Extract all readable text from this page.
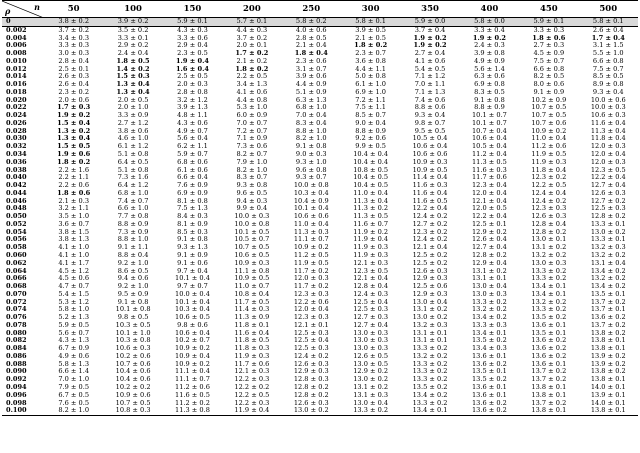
n
ρ	50	100	150	200	250	300	350	400	450	500
0	3.8 ± 0.2	3.9 ± 0.2	5.9 ± 0.1	5.7 ± 0.1	5.8 ± 0.2	5.8 ± 0.1	5.9 ± 0.0	5.8 ± 0.0	5.9 ± 0.1	5.8 ± 0.1
0.002	3.7 ± 0.2	3.5 ± 0.2	4.3 ± 0.3	4.4 ± 0.3	4.0 ± 0.6	3.9 ± 0.5	3.7 ± 0.4	3.3 ± 0.4	3.3 ± 0.3	2.6 ± 0.4
0.004	3.4 ± 0.3	3.3 ± 0.1	3.3 ± 0.6	3.7 ± 0.2	2.8 ± 0.5	2.1 ± 0.5	1.9 ± 0.2	1.9 ± 0.2	1.8 ± 0.6	1.7 ± 0.4
0.006	3.3 ± 0.3	2.9 ± 0.2	2.9 ± 0.4	2.0 ± 0.1	2.1 ± 0.4	1.8 ± 0.2	1.9 ± 0.2	2.4 ± 0.3	2.7 ± 0.3	3.1 ± 1.5
0.008	3.0 ± 0.3	2.4 ± 0.4	2.3 ± 0.5	1.7 ± 0.2	1.8 ± 0.4	2.3 ± 0.7	2.7 ± 0.4	3.9 ± 0.8	4.5 ± 0.9	5.5 ± 1.0
0.010	2.8 ± 0.4	1.8 ± 0.5	1.9 ± 0.4	2.1 ± 0.2	2.3 ± 0.6	3.6 ± 0.8	4.1 ± 0.6	4.9 ± 0.9	7.5 ± 0.7	6.6 ± 0.8
0.012	2.5 ± 0.1	1.4 ± 0.2	1.6 ± 0.4	1.8 ± 0.2	3.1 ± 0.7	4.4 ± 1.1	5.4 ± 0.5	5.6 ± 1.4	6.6 ± 0.8	7.5 ± 0.7
0.014	2.6 ± 0.3	1.5 ± 0.3	2.5 ± 0.5	2.2 ± 0.5	3.9 ± 0.6	5.0 ± 0.8	7.1 ± 1.2	6.3 ± 0.6	8.2 ± 0.5	8.5 ± 0.5
0.016	2.6 ± 0.4	1.3 ± 0.4	2.0 ± 0.3	3.4 ± 1.3	4.4 ± 0.9	6.1 ± 1.0	7.0 ± 1.1	6.9 ± 0.8	8.0 ± 0.6	8.9 ± 0.8
0.018	2.3 ± 0.2	1.3 ± 0.4	2.8 ± 0.8	4.1 ± 0.6	5.1 ± 0.9	6.9 ± 1.0	7.1 ± 1.3	8.3 ± 0.5	9.1 ± 0.9	9.3 ± 0.4
0.020	2.0 ± 0.6	2.0 ± 0.5	3.2 ± 1.2	4.4 ± 0.8	6.3 ± 1.3	7.2 ± 1.1	7.4 ± 0.6	9.1 ± 0.8	10.2 ± 0.9	10.0 ± 0.6
0.022	1.7 ± 0.3	2.0 ± 1.0	3.9 ± 1.3	5.3 ± 1.0	6.8 ± 1.0	7.5 ± 1.1	8.8 ± 0.6	8.8 ± 0.9	10.7 ± 0.5	10.0 ± 0.3
0.024	1.9 ± 0.2	3.3 ± 0.9	4.8 ± 1.1	6.0 ± 0.9	7.0 ± 0.4	8.5 ± 0.7	9.3 ± 0.4	10.1 ± 0.7	10.7 ± 0.5	10.6 ± 0.3
0.026	1.5 ± 0.4	2.7 ± 1.2	4.3 ± 0.6	7.0 ± 0.7	8.3 ± 0.4	9.0 ± 0.4	9.8 ± 0.7	10.1 ± 0.7	10.7 ± 0.6	11.6 ± 0.4
0.028	1.3 ± 0.2	3.8 ± 0.6	4.9 ± 0.7	7.2 ± 0.7	8.8 ± 1.0	8.8 ± 0.9	9.5 ± 0.5	10.7 ± 0.4	10.9 ± 0.2	11.3 ± 0.4
0.030	1.3 ± 0.4	4.6 ± 1.0	5.6 ± 0.4	7.1 ± 0.9	8.2 ± 1.0	9.2 ± 0.6	10.5 ± 0.4	10.6 ± 0.4	11.0 ± 0.4	11.8 ± 0.4
0.032	1.5 ± 0.5	6.1 ± 1.2	6.2 ± 1.1	7.3 ± 0.6	9.1 ± 0.8	9.9 ± 0.5	10.6 ± 0.4	10.5 ± 0.4	11.2 ± 0.6	12.0 ± 0.3
0.034	1.9 ± 0.6	5.1 ± 0.8	5.9 ± 0.7	8.2 ± 0.7	9.0 ± 0.3	10.4 ± 0.4	10.6 ± 0.6	11.2 ± 0.4	11.9 ± 0.5	12.0 ± 0.4
0.036	1.8 ± 0.2	6.4 ± 0.5	6.8 ± 0.6	7.9 ± 1.0	9.3 ± 1.0	10.4 ± 0.4	10.9 ± 0.3	11.3 ± 0.5	11.9 ± 0.3	12.0 ± 0.3
0.038	2.2 ± 1.6	5.1 ± 0.8	6.1 ± 0.6	8.2 ± 1.0	9.6 ± 0.8	10.8 ± 0.5	10.9 ± 0.5	11.6 ± 0.3	11.8 ± 0.4	12.3 ± 0.5
0.040	2.2 ± 1.1	7.3 ± 1.6	6.6 ± 0.4	8.3 ± 0.7	9.3 ± 0.7	10.4 ± 0.5	11.4 ± 0.4	11.7 ± 0.6	12.3 ± 0.2	12.2 ± 0.4
0.042	2.2 ± 0.6	6.4 ± 1.2	7.6 ± 0.9	9.3 ± 0.8	10.0 ± 0.8	10.4 ± 0.5	11.6 ± 0.3	12.3 ± 0.4	12.2 ± 0.5	12.7 ± 0.4
0.044	1.8 ± 0.6	6.8 ± 1.0	6.9 ± 0.9	9.6 ± 0.5	10.3 ± 0.4	11.0 ± 0.4	11.6 ± 0.4	12.0 ± 0.4	12.4 ± 0.4	12.6 ± 0.3
0.046	2.1 ± 0.3	7.4 ± 0.7	8.1 ± 0.8	9.4 ± 0.3	10.4 ± 0.9	11.3 ± 0.4	11.6 ± 0.5	12.1 ± 0.4	12.4 ± 0.2	12.7 ± 0.2
0.048	3.2 ± 1.1	6.6 ± 1.0	7.5 ± 1.3	9.9 ± 0.4	10.1 ± 0.4	11.3 ± 0.2	12.2 ± 0.4	12.0 ± 0.5	12.3 ± 0.3	12.5 ± 0.3
0.050	3.5 ± 1.0	7.7 ± 0.8	8.4 ± 0.3	10.0 ± 0.3	10.6 ± 0.6	11.3 ± 0.5	12.4 ± 0.2	12.2 ± 0.4	12.6 ± 0.3	12.8 ± 0.2
0.052	3.6 ± 0.7	8.8 ± 0.9	8.1 ± 0.9	10.0 ± 0.8	11.0 ± 0.4	11.6 ± 0.7	12.7 ± 0.2	12.5 ± 0.1	12.8 ± 0.4	13.3 ± 0.1
0.054	3.8 ± 1.5	7.3 ± 0.9	8.5 ± 0.3	10.1 ± 0.5	11.3 ± 0.3	11.9 ± 0.2	12.3 ± 0.2	12.9 ± 0.2	12.8 ± 0.2	13.0 ± 0.2
0.056	3.8 ± 1.3	8.8 ± 1.0	9.1 ± 0.8	10.5 ± 0.7	11.1 ± 0.7	11.9 ± 0.4	12.4 ± 0.2	12.6 ± 0.4	13.0 ± 0.1	13.3 ± 0.1
0.058	4.1 ± 1.0	9.1 ± 1.1	9.3 ± 1.3	10.7 ± 0.5	10.9 ± 0.2	11.9 ± 0.3	12.1 ± 0.4	12.7 ± 0.4	13.1 ± 0.2	13.2 ± 0.3
0.060	4.1 ± 1.0	8.8 ± 0.4	9.1 ± 0.9	10.6 ± 0.5	11.2 ± 0.5	11.9 ± 0.3	12.5 ± 0.2	12.8 ± 0.2	13.2 ± 0.2	13.2 ± 0.2
0.062	4.1 ± 1.7	9.2 ± 1.0	9.1 ± 0.6	10.9 ± 0.3	11.9 ± 0.5	12.1 ± 0.3	12.5 ± 0.2	12.9 ± 0.4	13.0 ± 0.3	13.1 ± 0.4
0.064	4.5 ± 1.2	8.6 ± 0.5	9.7 ± 0.4	11.1 ± 0.8	11.7 ± 0.2	12.3 ± 0.5	12.6 ± 0.3	13.1 ± 0.2	13.3 ± 0.2	13.4 ± 0.2
0.066	4.5 ± 0.6	9.4 ± 0.6	10.1 ± 0.4	10.9 ± 0.5	12.0 ± 0.3	12.1 ± 0.4	12.9 ± 0.3	13.1 ± 0.1	13.3 ± 0.2	13.2 ± 0.2
0.068	4.7 ± 0.7	9.2 ± 1.0	9.7 ± 0.7	11.0 ± 0.7	11.7 ± 0.2	12.8 ± 0.4	12.5 ± 0.6	13.0 ± 0.4	13.4 ± 0.1	13.4 ± 0.2
0.070	5.4 ± 1.5	9.5 ± 0.9	10.0 ± 0.4	10.8 ± 0.4	12.3 ± 0.3	12.4 ± 0.3	12.9 ± 0.3	13.0 ± 0.3	13.4 ± 0.1	13.5 ± 0.1
0.072	5.3 ± 1.2	9.1 ± 0.8	10.1 ± 0.4	11.7 ± 0.5	12.2 ± 0.6	12.5 ± 0.4	13.0 ± 0.4	13.3 ± 0.2	13.2 ± 0.2	13.7 ± 0.2
0.074	5.8 ± 1.0	10.1 ± 0.8	10.3 ± 0.4	11.4 ± 0.3	12.0 ± 0.4	12.5 ± 0.3	13.1 ± 0.2	13.2 ± 0.2	13.3 ± 0.2	13.7 ± 0.1
0.076	5.2 ± 1.3	9.8 ± 0.5	10.6 ± 0.5	11.3 ± 0.9	12.3 ± 0.3	12.7 ± 0.3	13.0 ± 0.2	13.4 ± 0.2	13.5 ± 0.2	13.6 ± 0.2
0.078	5.9 ± 0.5	10.3 ± 0.5	9.8 ± 0.6	11.8 ± 0.1	12.1 ± 0.1	12.7 ± 0.4	13.2 ± 0.3	13.3 ± 0.3	13.6 ± 0.1	13.7 ± 0.2
0.080	5.6 ± 0.7	10.1 ± 1.0	10.6 ± 0.4	11.6 ± 0.4	12.5 ± 0.3	13.0 ± 0.3	13.1 ± 0.1	13.4 ± 0.1	13.5 ± 0.1	13.8 ± 0.2
0.082	4.3 ± 1.3	10.3 ± 0.8	10.2 ± 0.7	11.8 ± 0.5	12.5 ± 0.4	13.0 ± 0.3	13.1 ± 0.1	13.5 ± 0.2	13.6 ± 0.2	13.8 ± 0.1
0.084	6.7 ± 0.9	10.6 ± 0.3	10.9 ± 0.2	11.8 ± 0.3	12.5 ± 0.3	13.0 ± 0.3	13.3 ± 0.2	13.4 ± 0.3	13.6 ± 0.2	13.8 ± 0.1
0.086	4.9 ± 0.6	10.2 ± 0.6	10.9 ± 0.4	11.9 ± 0.3	12.4 ± 0.2	12.6 ± 0.5	13.2 ± 0.2	13.6 ± 0.1	13.6 ± 0.2	13.9 ± 0.2
0.088	5.8 ± 1.3	10.7 ± 0.6	10.9 ± 0.2	11.7 ± 0.6	12.6 ± 0.3	13.0 ± 0.5	13.3 ± 0.2	13.6 ± 0.2	13.6 ± 0.1	13.9 ± 0.2
0.090	6.6 ± 1.4	10.4 ± 0.6	11.1 ± 0.4	12.1 ± 0.3	12.9 ± 0.3	12.9 ± 0.2	13.3 ± 0.2	13.5 ± 0.1	13.7 ± 0.2	13.8 ± 0.2
0.092	7.0 ± 1.0	10.4 ± 0.6	11.1 ± 0.7	12.2 ± 0.3	12.8 ± 0.3	13.0 ± 0.2	13.3 ± 0.2	13.5 ± 0.2	13.7 ± 0.2	13.8 ± 0.1
0.094	7.9 ± 0.5	10.2 ± 0.2	11.2 ± 0.6	12.2 ± 0.2	12.8 ± 0.2	13.1 ± 0.2	13.5 ± 0.2	13.6 ± 0.1	13.8 ± 0.1	14.0 ± 0.1
0.096	6.7 ± 0.5	10.9 ± 0.6	11.6 ± 0.5	12.2 ± 0.5	12.8 ± 0.2	13.1 ± 0.3	13.4 ± 0.2	13.6 ± 0.1	13.8 ± 0.1	13.9 ± 0.1
0.098	7.6 ± 0.5	10.7 ± 0.5	11.2 ± 0.2	12.2 ± 0.3	12.6 ± 0.3	13.0 ± 0.4	13.3 ± 0.2	13.6 ± 0.2	13.7 ± 0.2	14.0 ± 0.1
0.100	8.2 ± 1.0	10.8 ± 0.3	11.3 ± 0.8	11.9 ± 0.4	13.0 ± 0.2	13.3 ± 0.2	13.4 ± 0.1	13.6 ± 0.2	13.8 ± 0.1	13.8 ± 0.1
